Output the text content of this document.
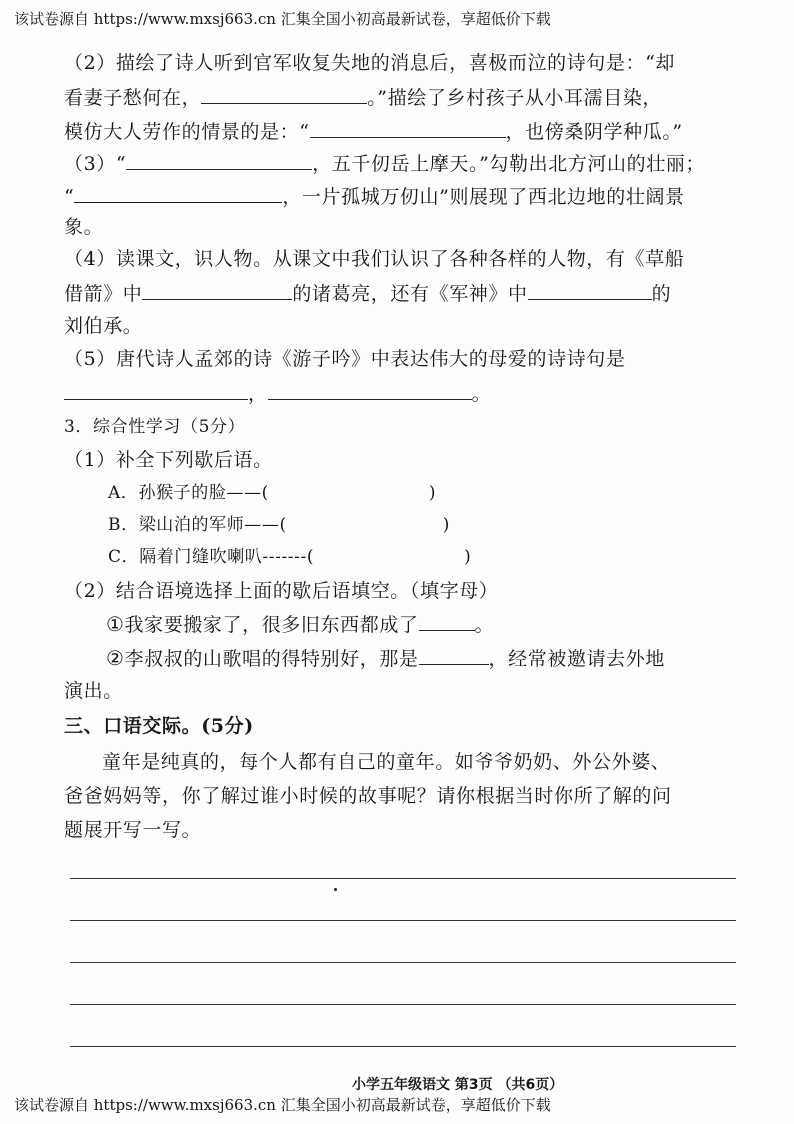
该试卷源自 https://www.mxsj663.cn 汇集全国小初高最新试卷，享超低价下载
（2）描绘了诗人听到官军收复失地的消息后，喜极而泣的诗句是：“却
看妻子愁何在，	。”描绘了乡村孩子从小耳濡目染，
模仿大人劳作的情景的是：“	，也傍桑阴学种瓜。”
（3）“	，五千仞岳上摩天。”勾勒出北方河山的壮丽；
“	，一片孤城万仞山”则展现了西北边地的壮阔景
象。
（4）读课文，识人物。从课文中我们认识了各种各样的人物，有《草船
借箭》中	的诸葛亮，还有《军神》中	的
刘伯承。
（5）唐代诗人孟郊的诗《游子吟》中表达伟大的母爱的诗诗句是
，	。
3．综合性学习（5分）
（1）补全下列歇后语。
A．孙猴子的脸——(	)
B．梁山泊的军师——(	)
C．隔着门缝吹喇叭-------(	)
（2）结合语境选择上面的歇后语填空。（填字母）
①我家要搬家了，很多旧东西都成了	。
②李叔叔的山歌唱的得特别好，那是	，经常被邀请去外地
演出。
三、口语交际。(5分)
童年是纯真的，每个人都有自己的童年。如爷爷奶奶、外公外婆、
爸爸妈妈等，你了解过谁小时候的故事呢？请你根据当时你所了解的问
题展开写一写。
小学五年级语文 第3页 （共6页）
该试卷源自 https://www.mxsj663.cn 汇集全国小初高最新试卷，享超低价下载
